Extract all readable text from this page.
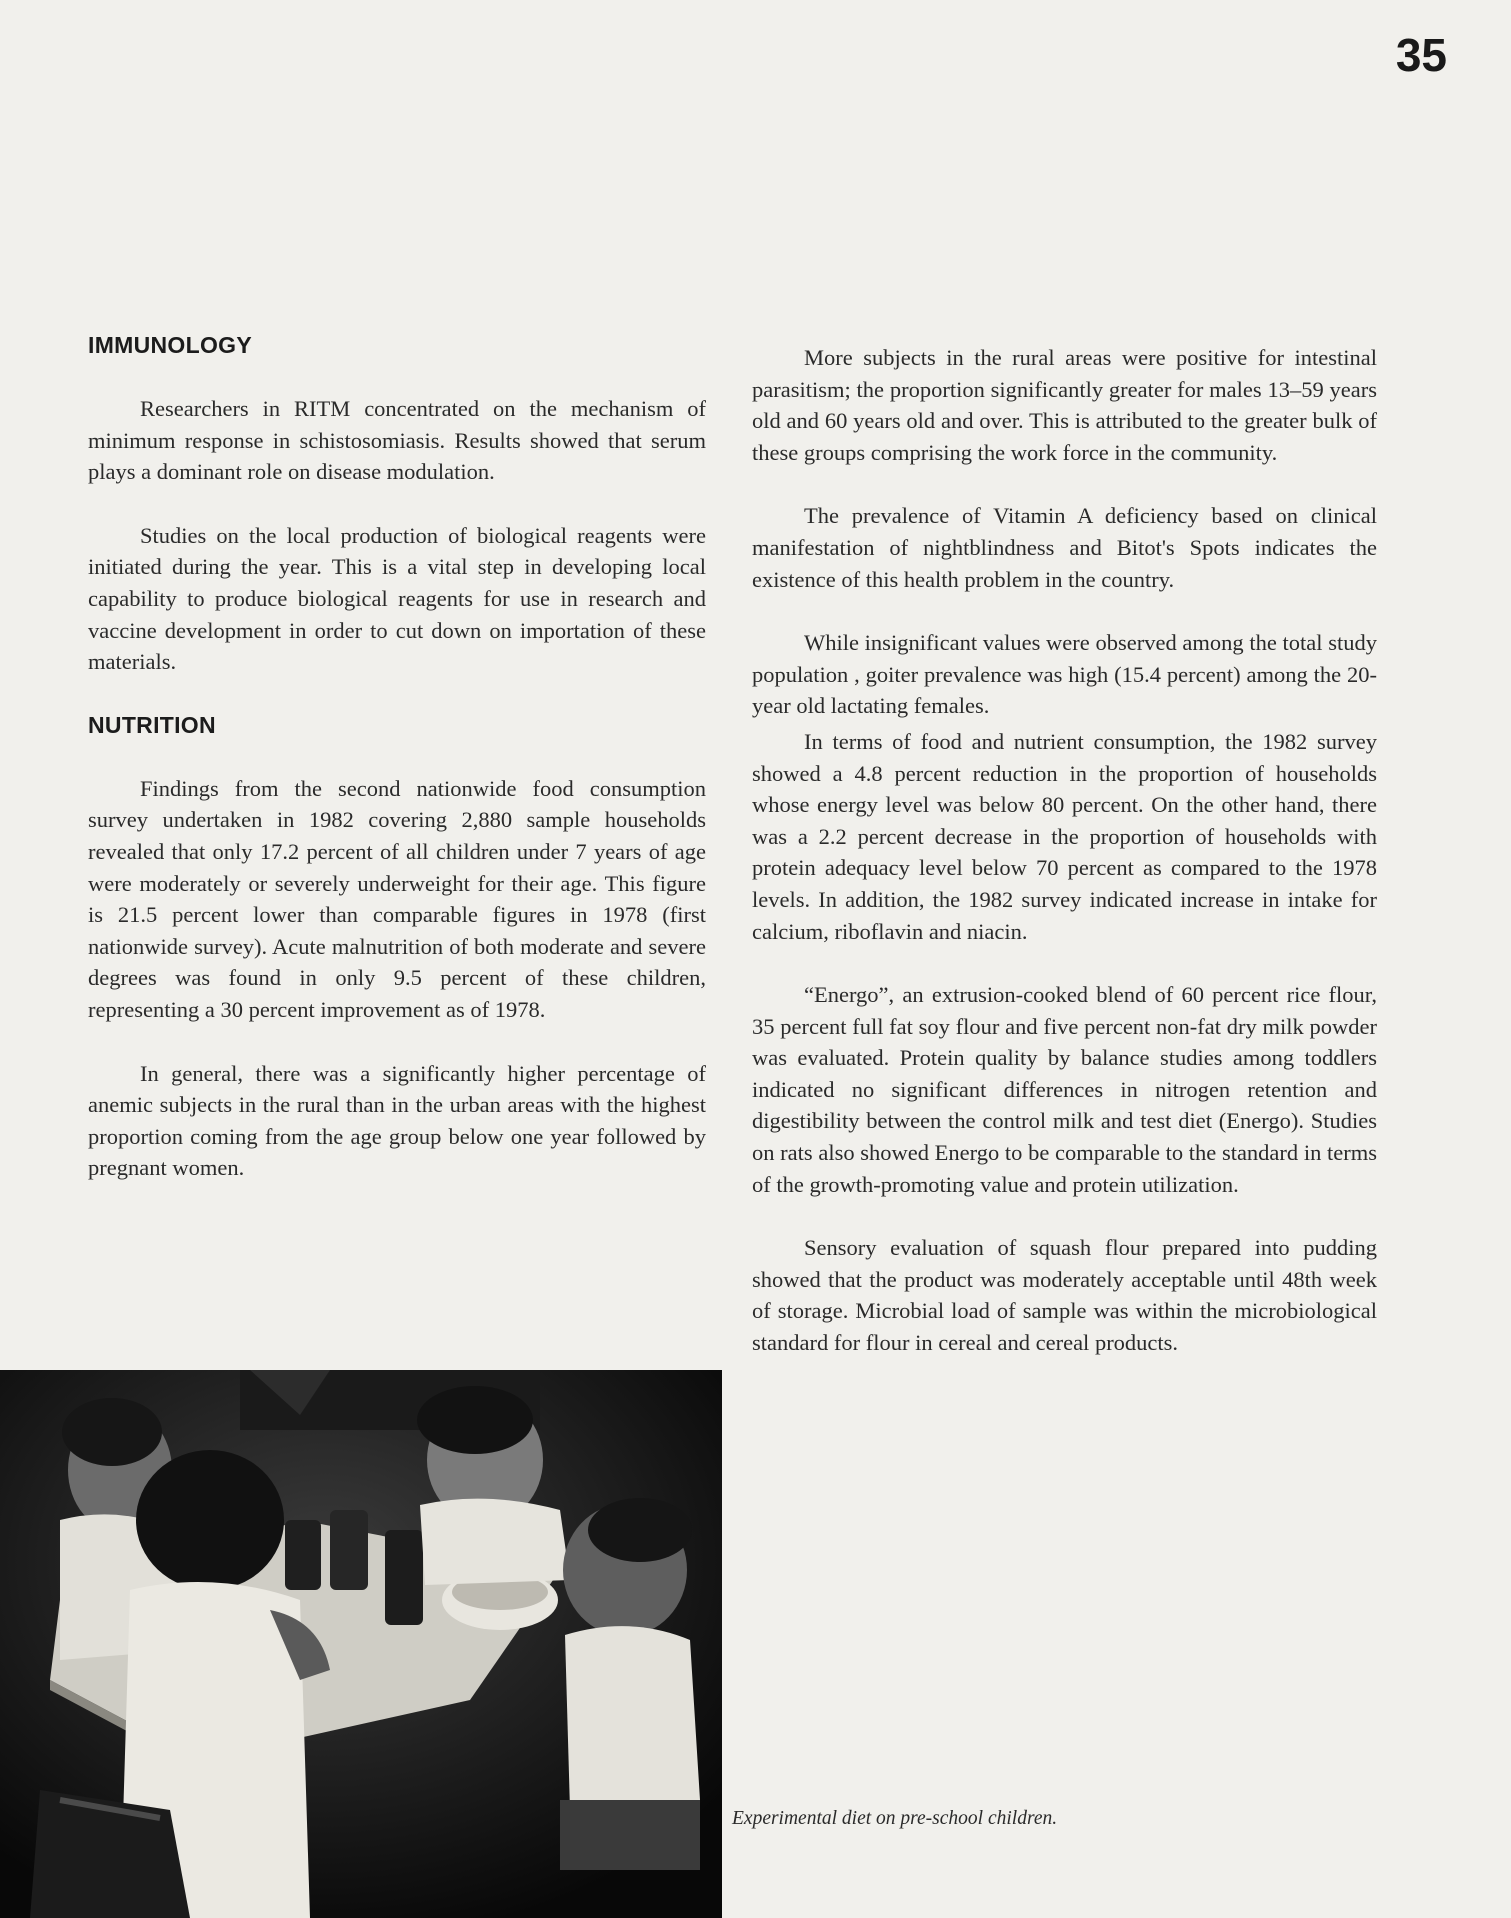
35
IMMUNOLOGY

Researchers in RITM concentrated on the mechanism of minimum response in schistosomiasis. Results showed that serum plays a dominant role on disease modulation.

Studies on the local production of biological reagents were initiated during the year. This is a vital step in developing local capability to produce biological reagents for use in research and vaccine development in order to cut down on importation of these materials.

NUTRITION

Findings from the second nationwide food consumption survey undertaken in 1982 covering 2,880 sample households revealed that only 17.2 percent of all children under 7 years of age were moderately or severely underweight for their age. This figure is 21.5 percent lower than comparable figures in 1978 (first nationwide survey). Acute malnutrition of both moderate and severe degrees was found in only 9.5 percent of these children, representing a 30 percent improvement as of 1978.

In general, there was a significantly higher percentage of anemic subjects in the rural than in the urban areas with the highest proportion coming from the age group below one year followed by pregnant women.

More subjects in the rural areas were positive for intestinal parasitism; the proportion significantly greater for males 13–59 years old and 60 years old and over. This is attributed to the greater bulk of these groups comprising the work force in the community.

The prevalence of Vitamin A deficiency based on clinical manifestation of nightblindness and Bitot's Spots indicates the existence of this health problem in the country.

While insignificant values were observed among the total study population , goiter prevalence was high (15.4 percent) among the 20-year old lactating females.

In terms of food and nutrient consumption, the 1982 survey showed a 4.8 percent reduction in the proportion of households whose energy level was below 80 percent. On the other hand, there was a 2.2 percent decrease in the proportion of households with protein adequacy level below 70 percent as compared to the 1978 levels. In addition, the 1982 survey indicated increase in intake for calcium, riboflavin and niacin.

“Energo”, an extrusion-cooked blend of 60 percent rice flour, 35 percent full fat soy flour and five percent non-fat dry milk powder was evaluated. Protein quality by balance studies among toddlers indicated no significant differences in nitrogen retention and digestibility between the control milk and test diet (Energo). Studies on rats also showed Energo to be comparable to the standard in terms of the growth-promoting value and protein utilization.

Sensory evaluation of squash flour prepared into pudding showed that the product was moderately acceptable until 48th week of storage. Microbial load of sample was within the microbiological standard for flour in cereal and cereal products.

Experimental diet on pre-school children.
